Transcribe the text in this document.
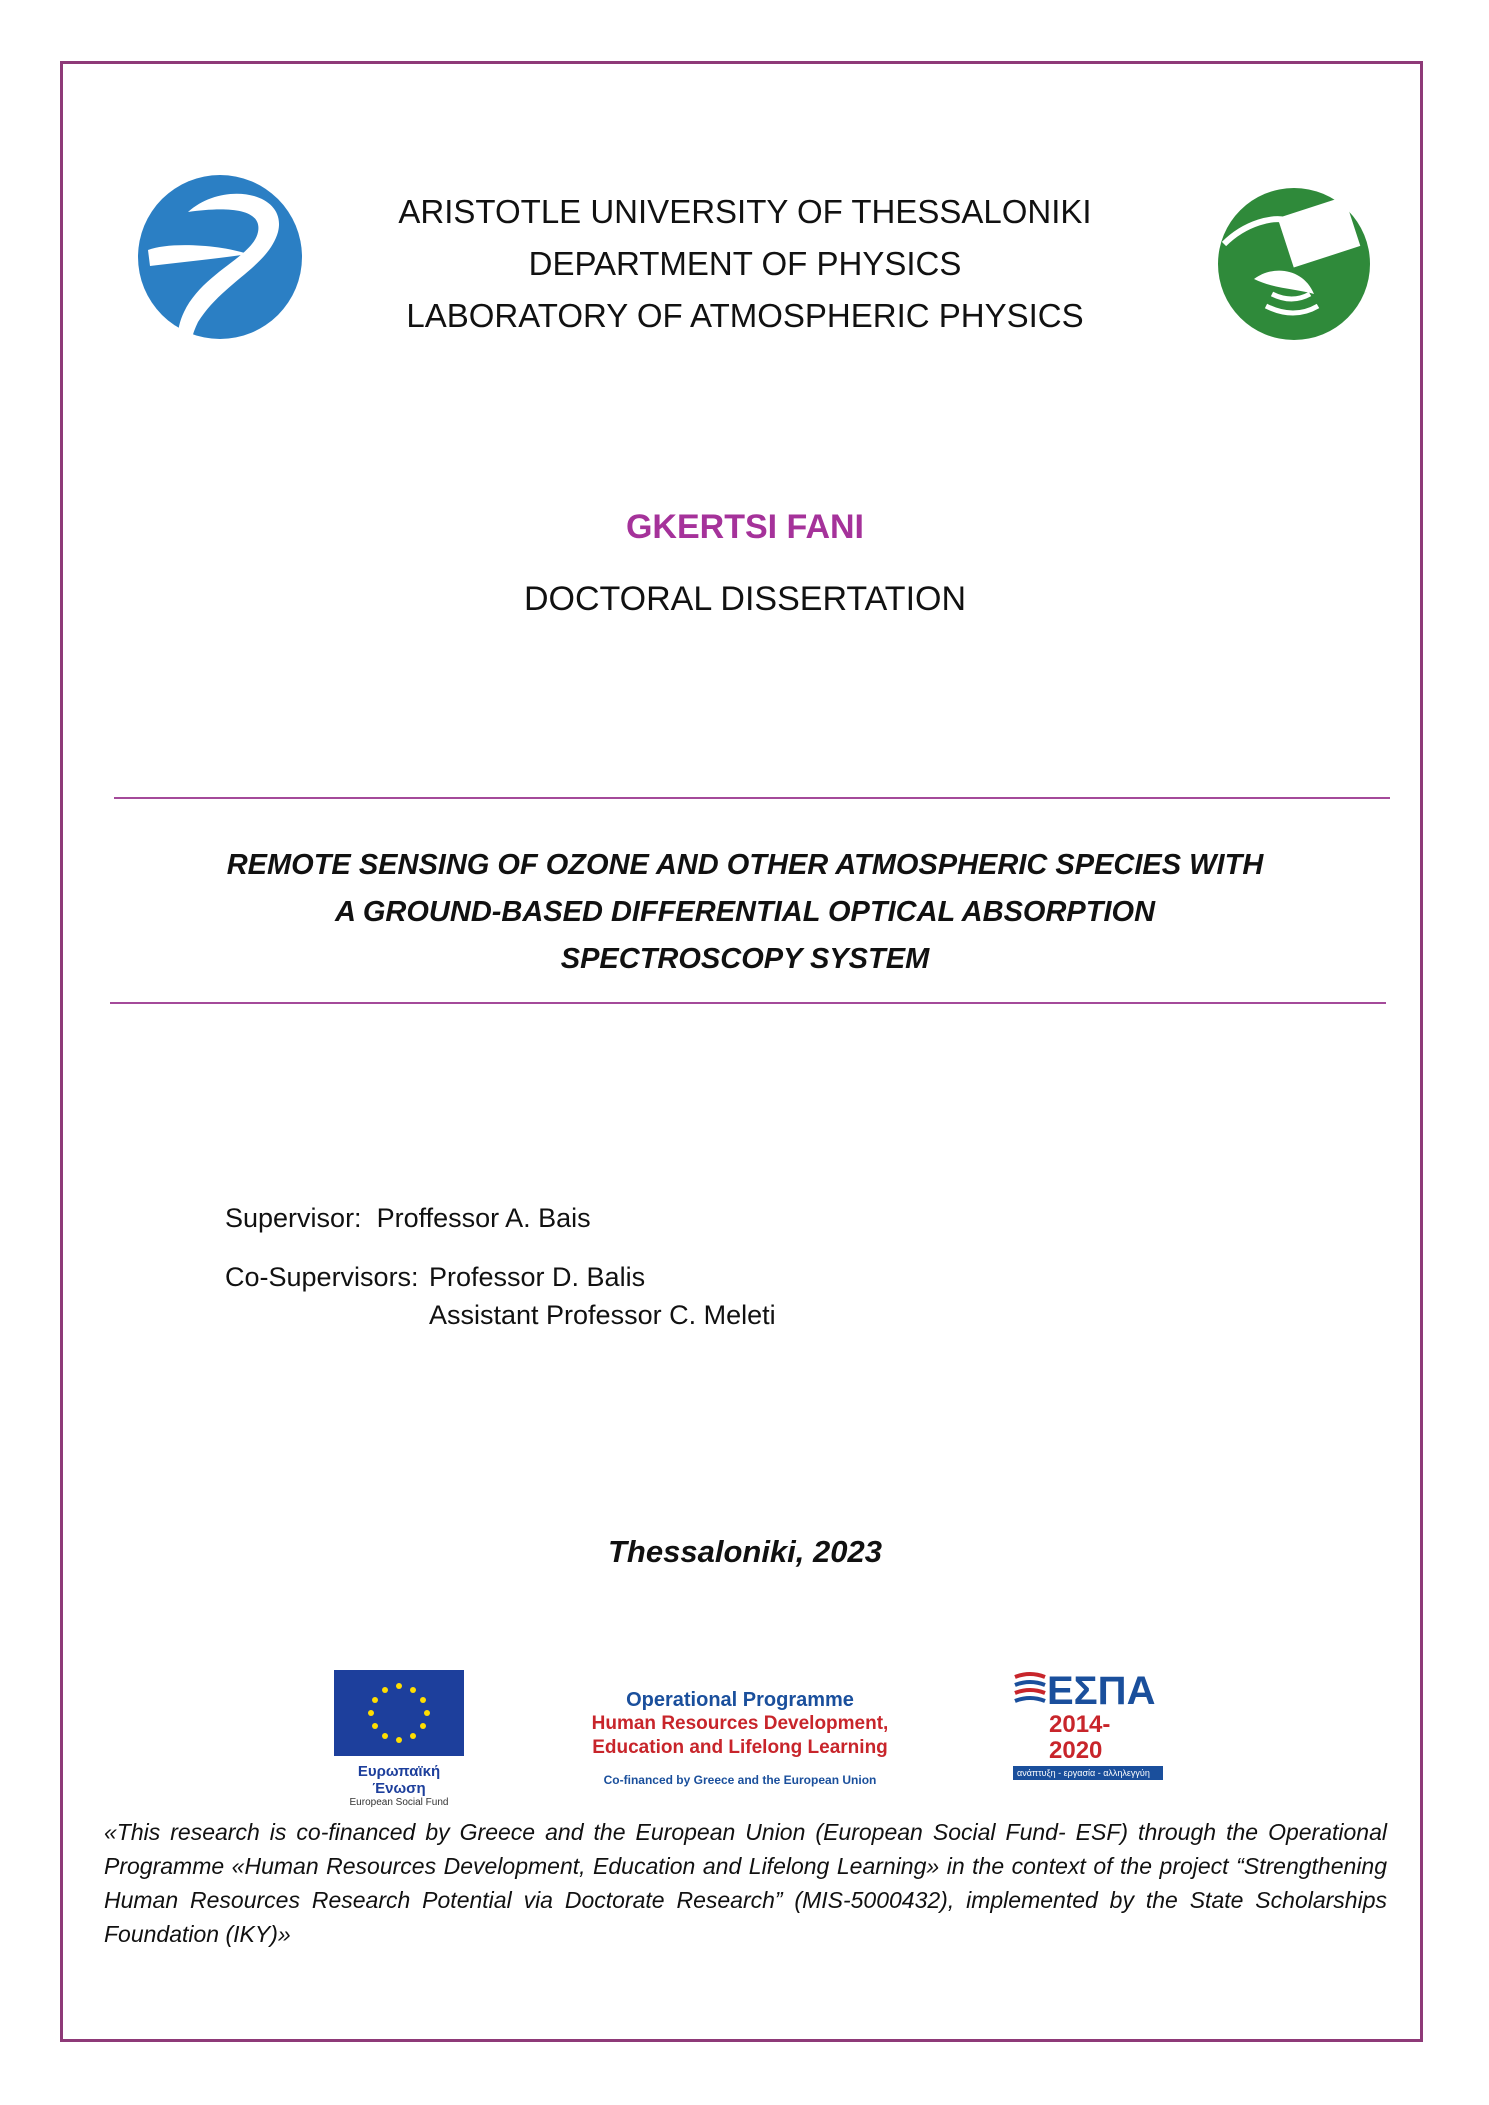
ARISTOTLE UNIVERSITY OF THESSALONIKI
DEPARTMENT OF PHYSICS
LABORATORY OF ATMOSPHERIC PHYSICS
GKERTSI FANI
DOCTORAL DISSERTATION
REMOTE SENSING OF OZONE AND OTHER ATMOSPHERIC SPECIES WITH
A GROUND-BASED DIFFERENTIAL OPTICAL ABSORPTION
SPECTROSCOPY SYSTEM
Supervisor: Proffessor A. Bais
Co-Supervisors: Professor D. Balis
Assistant Professor C. Meleti
Thessaloniki, 2023
Ευρωπαϊκή Ένωση
European Social Fund
Operational Programme
Human Resources Development,
Education and Lifelong Learning
Co-financed by Greece and the European Union
ΕΣΠΑ
2014-2020
ανάπτυξη - εργασία - αλληλεγγύη
«This research is co-financed by Greece and the European Union (European Social Fund- ESF) through the Operational Programme «Human Resources Development, Education and Lifelong Learning» in the context of the project “Strengthening Human Resources Research Potential via Doctorate Research” (MIS-5000432), implemented by the State Scholarships Foundation (IKY)»
